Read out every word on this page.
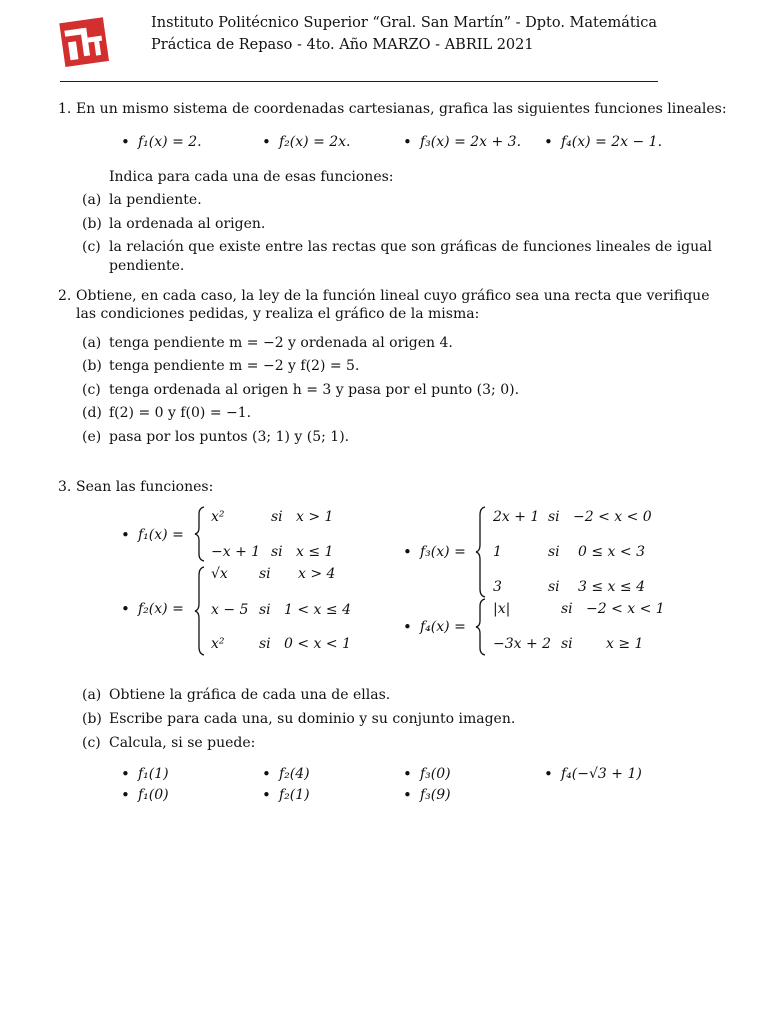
Instituto Politécnico Superior “Gral. San Martín” - Dpto. Matemática
Práctica de Repaso - 4to. Año MARZO - ABRIL 2021
1. En un mismo sistema de coordenadas cartesianas, grafica las siguientes funciones lineales:
• f₁(x) = 2.	• f₂(x) = 2x.	• f₃(x) = 2x + 3.	• f₄(x) = 2x − 1.
Indica para cada una de esas funciones:
(a) la pendiente.
(b) la ordenada al origen.
(c) la relación que existe entre las rectas que son gráficas de funciones lineales de igual
pendiente.
2. Obtiene, en cada caso, la ley de la función lineal cuyo gráfico sea una recta que verifique
las condiciones pedidas, y realiza el gráfico de la misma:
(a) tenga pendiente m = −2 y ordenada al origen 4.
(b) tenga pendiente m = −2 y f(2) = 5.
(c) tenga ordenada al origen h = 3 y pasa por el punto (3; 0).
(d) f(2) = 0 y f(0) = −1.
(e) pasa por los puntos (3; 1) y (5; 1).
3. Sean las funciones:
• f₁(x) =
x²	si x > 1
−x + 1 si x ≤ 1
• f₂(x) =
√x si x > 4
x − 5 si 1 < x ≤ 4
x² si 0 < x < 1
• f₃(x) =
2x + 1 si −2 < x < 0
1	si 0 ≤ x < 3
3	si 3 ≤ x ≤ 4
• f₄(x) =
|x|	si −2 < x < 1
−3x + 2 si x ≥ 1
(a) Obtiene la gráfica de cada una de ellas.
(b) Escribe para cada una, su dominio y su conjunto imagen.
(c) Calcula, si se puede:
• f₁(1)	• f₂(4)	• f₃(0)	• f₄(−√3 + 1)
• f₁(0)	• f₂(1)	• f₃(9)
